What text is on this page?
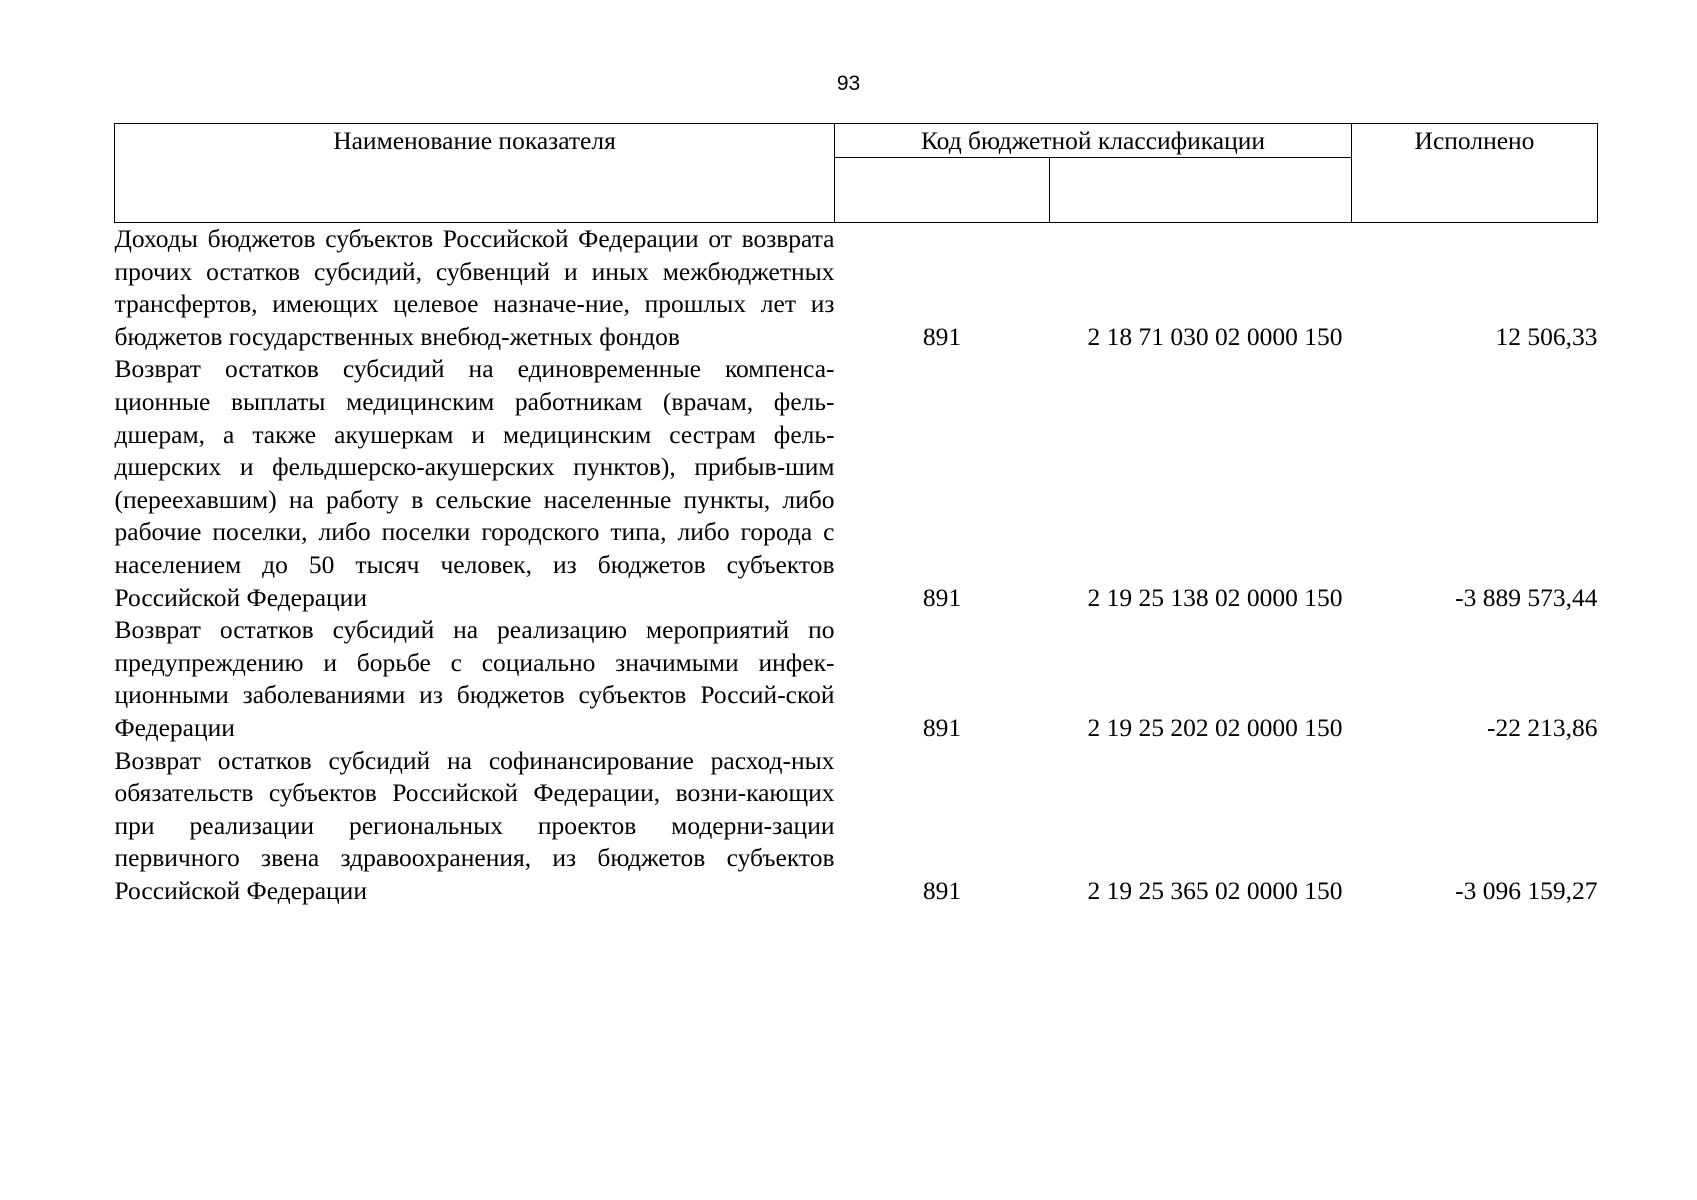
93
Наименование показателя	Код бюджетной классификации		Исполнено

Доходы бюджетов субъектов Российской Федерации от возврата прочих остатков субсидий, субвенций и иных межбюджетных трансфертов, имеющих целевое назначе-ние, прошлых лет из бюджетов государственных внебюд-жетных фондов	891	2 18 71 030 02 0000 150	12 506,33

Возврат остатков субсидий на единовременные компенса-ционные выплаты медицинским работникам (врачам, фель-дшерам, а также акушеркам и медицинским сестрам фель-дшерских и фельдшерско-акушерских пунктов), прибыв-шим (переехавшим) на работу в сельские населенные пункты, либо рабочие поселки, либо поселки городского типа, либо города с населением до 50 тысяч человек, из бюджетов субъектов Российской Федерации	891	2 19 25 138 02 0000 150	-3 889 573,44

Возврат остатков субсидий на реализацию мероприятий по предупреждению и борьбе с социально значимыми инфек-ционными заболеваниями из бюджетов субъектов Россий-ской Федерации	891	2 19 25 202 02 0000 150	-22 213,86

Возврат остатков субсидий на софинансирование расход-ных обязательств субъектов Российской Федерации, возни-кающих при реализации региональных проектов модерни-зации первичного звена здравоохранения, из бюджетов субъектов Российской Федерации	891	2 19 25 365 02 0000 150	-3 096 159,27
